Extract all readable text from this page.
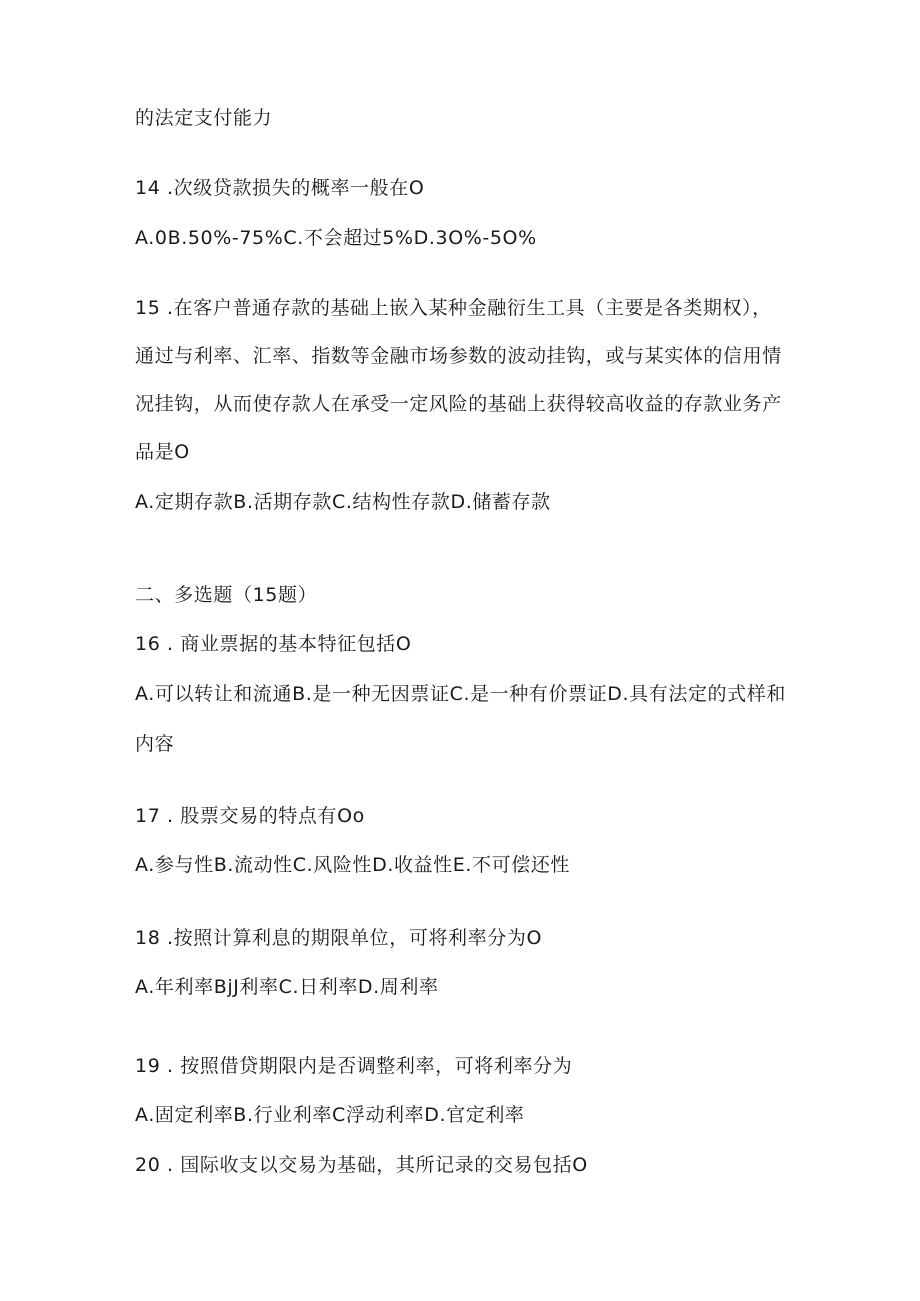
的法定支付能力
14 .次级贷款损失的概率一般在O
A.0B.50%-75%C.不会超过5%D.3O%-5O%
15 .在客户普通存款的基础上嵌入某种金融衍生工具（主要是各类期权），
通过与利率、汇率、指数等金融市场参数的波动挂钩，或与某实体的信用情
况挂钩，从而使存款人在承受一定风险的基础上获得较高收益的存款业务产
品是O
A.定期存款B.活期存款C.结构性存款D.储蓄存款
二、多选题（15题）
16 . 商业票据的基本特征包括O
A.可以转让和流通B.是一种无因票证C.是一种有价票证D.具有法定的式样和
内容
17 . 股票交易的特点有Oo
A.参与性B.流动性C.风险性D.收益性E.不可偿还性
18 .按照计算利息的期限单位，可将利率分为O
A.年利率BjJ利率C.日利率D.周利率
19 . 按照借贷期限内是否调整利率，可将利率分为
A.固定利率B.行业利率C浮动利率D.官定利率
20 . 国际收支以交易为基础，其所记录的交易包括O
